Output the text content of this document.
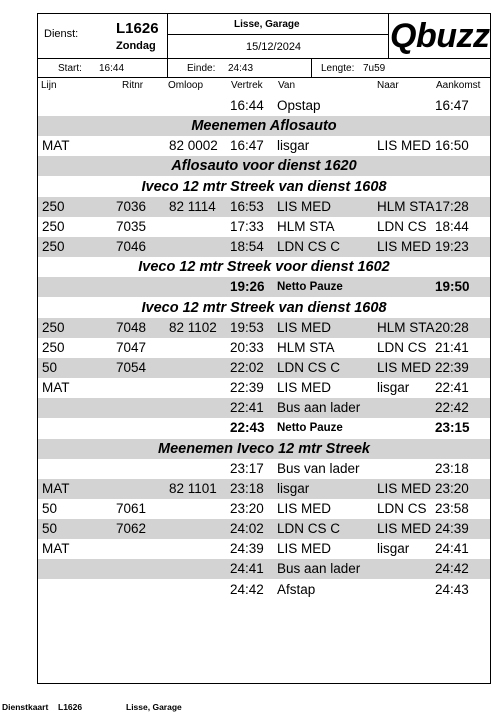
Dienst:	L1626
Zondag
Lisse, Garage
15/12/2024	Qbuzz
Start: 16:44	Einde: 24:43	Lengte: 7u59
Lijn	Ritnr Omloop	Vertrek Van	Naar	Aankomst
16:44 Opstap	16:47
Meenemen Aflosauto
MAT	82 0002 16:47 lisgar	LIS MED 16:50
Aflosauto voor dienst 1620
Iveco 12 mtr Streek van dienst 1608
250	7036 82 1114 16:53 LIS MED	HLM STA 17:28
250	7035	17:33 HLM STA	LDN CS 18:44
250	7046	18:54 LDN CS C	LIS MED 19:23
Iveco 12 mtr Streek voor dienst 1602
19:26 Netto Pauze	19:50
Iveco 12 mtr Streek van dienst 1608
250	7048 82 1102 19:53 LIS MED	HLM STA 20:28
250	7047	20:33 HLM STA	LDN CS 21:41
50	7054	22:02 LDN CS C	LIS MED 22:39
MAT	22:39 LIS MED	lisgar 22:41
22:41 Bus aan lader	22:42
22:43 Netto Pauze	23:15
Meenemen Iveco 12 mtr Streek
23:17 Bus van lader	23:18
MAT	82 1101 23:18 lisgar	LIS MED 23:20
50	7061	23:20 LIS MED	LDN CS 23:58
50	7062	24:02 LDN CS C	LIS MED 24:39
MAT	24:39 LIS MED	lisgar 24:41
24:41 Bus aan lader	24:42
24:42 Afstap	24:43
Dienstkaart L1626	Lisse, Garage
